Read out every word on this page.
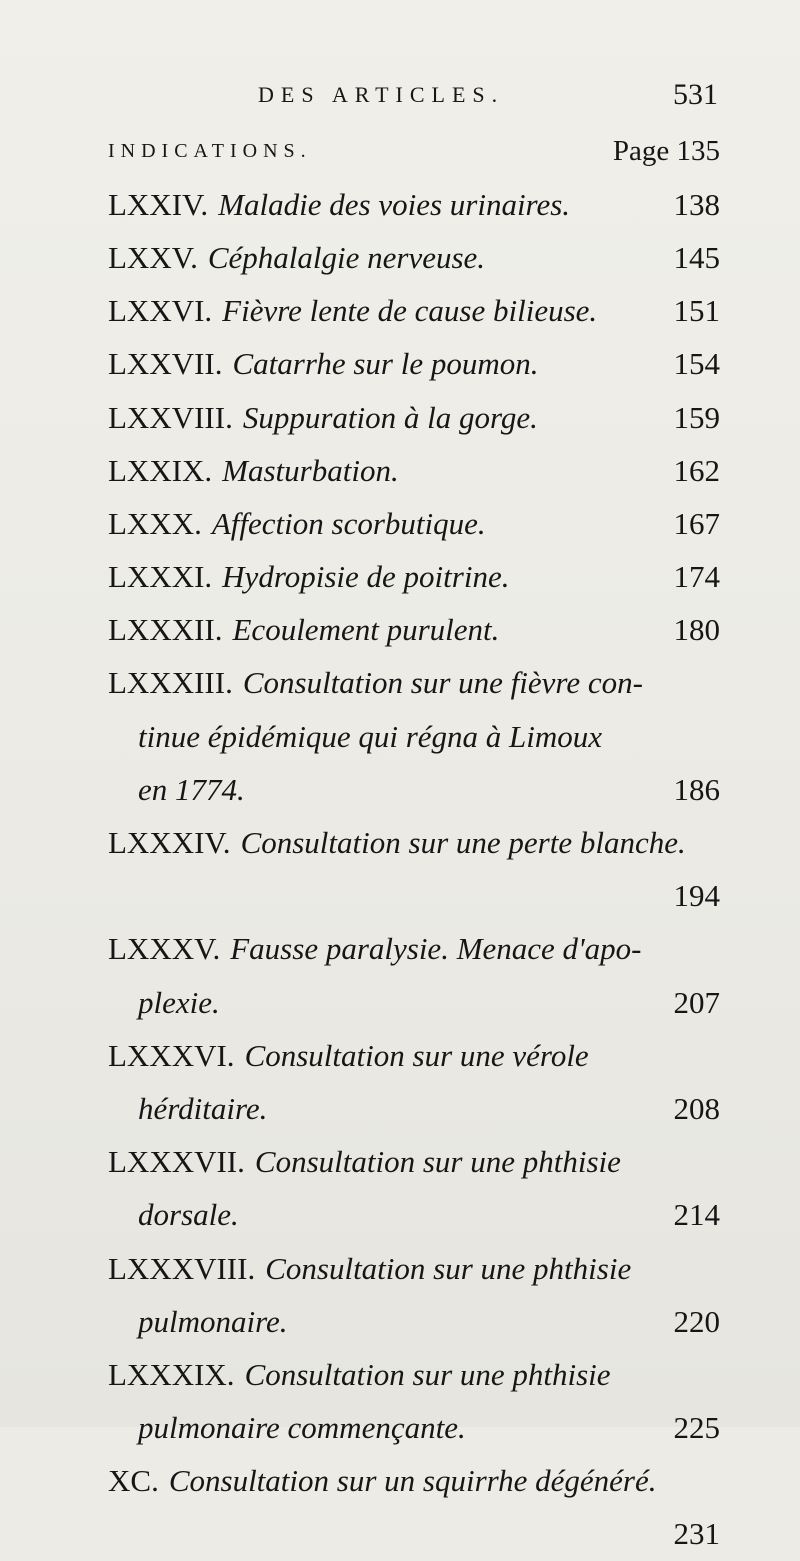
DES ARTICLES.	531
INDICATIONS.	Page 135
LXXIV. Maladie des voies urinaires.	138
LXXV. Céphalalgie nerveuse.	145
LXXVI. Fièvre lente de cause bilieuse. 151
LXXVII. Catarrhe sur le poumon.	154
LXXVIII. Suppuration à la gorge.	159
LXXIX. Masturbation.	162
LXXX. Affection scorbutique.	167
LXXXI. Hydropisie de poitrine.	174
LXXXII. Ecoulement purulent.	180
LXXXIII. Consultation sur une fièvre con-
tinue épidémique qui régna à Limoux
en 1774.	186
LXXXIV. Consultation sur une perte blanche.
194
LXXXV. Fausse paralysie. Menace d'apo-
plexie.	207
LXXXVI. Consultation sur une vérole
hérditaire.	208
LXXXVII. Consultation sur une phthisie
dorsale.	214
LXXXVIII. Consultation sur une phthisie
pulmonaire.	220
LXXXIX. Consultation sur une phthisie
pulmonaire commençante.	225
XC. Consultation sur un squirrhe dégénéré.
231
